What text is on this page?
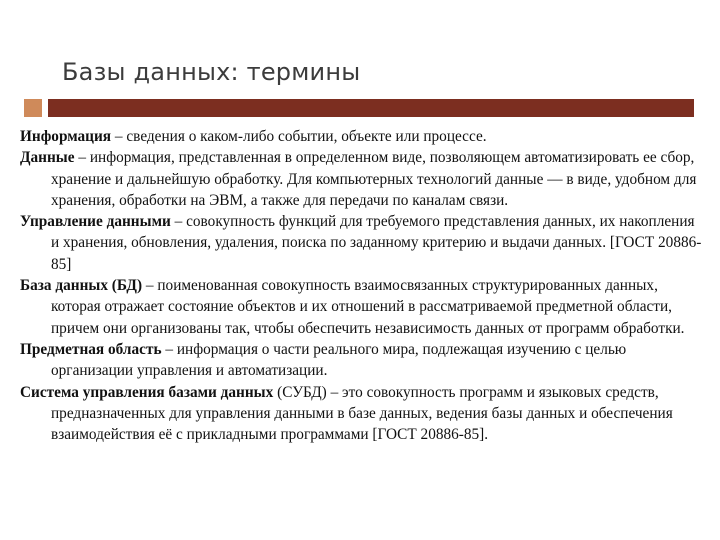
Базы данных: термины
Информация – сведения о каком-либо событии, объекте или процессе.
Данные – информация, представленная в определенном виде, позволяющем автоматизировать ее сбор, хранение и дальнейшую обработку. Для компьютерных технологий данные — в виде, удобном для хранения, обработки на ЭВМ, а также для передачи по каналам связи.
Управление данными – совокупность функций для требуемого представления данных, их накопления и хранения, обновления, удаления, поиска по заданному критерию и выдачи данных. [ГОСТ 20886-85]
База данных (БД) – поименованная совокупность взаимосвязанных структурированных данных, которая отражает состояние объектов и их отношений в рассматриваемой предметной области, причем они организованы так, чтобы обеспечить независимость данных от программ обработки.
Предметная область – информация о части реального мира, подлежащая изучению с целью организации управления и автоматизации.
Система управления базами данных (СУБД) – это совокупность программ и языковых средств, предназначенных для управления данными в базе данных, ведения базы данных и обеспечения взаимодействия её с прикладными программами [ГОСТ 20886-85].
